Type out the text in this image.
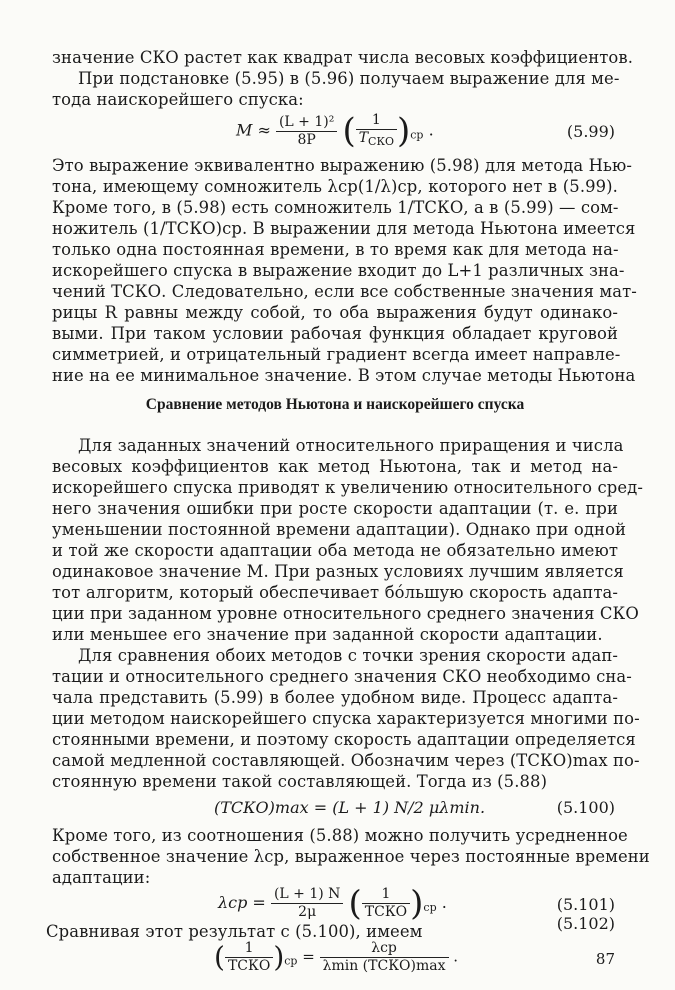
значение СКО растет как квадрат числа весовых коэффициентов.
При подстановке (5.95) в (5.96) получаем выражение для ме-
тода наискорейшего спуска:
$M \approx \frac{\text{(L + 1)²}}{8P}$ ( $\frac{1}{T_{СКО}} )_{ср}$ .	(5.99)
Это выражение эквивалентно выражению (5.98) для метода Нью-
тона, имеющему сомножитель λср(1/λ)ср, которого нет в (5.99).
Кроме того, в (5.98) есть сомножитель 1/TСКО, а в (5.99) — сом-
ножитель (1/TСКО)ср. В выражении для метода Ньютона имеется
только одна постоянная времени, в то время как для метода на-
искорейшего спуска в выражение входит до L+1 различных зна-
чений TСКО. Следовательно, если все собственные значения мат-
рицы R равны между собой, то оба выражения будут одинако-
выми. При таком условии рабочая функция обладает круговой
симметрией, и отрицательный градиент всегда имеет направле-
ние на ее минимальное значение. В этом случае методы Ньютона
Сравнение методов Ньютона и наискорейшего спуска
Для заданных значений относительного приращения и числа
весовых коэффициентов как метод Ньютона, так и метод на-
искорейшего спуска приводят к увеличению относительного сред-
него значения ошибки при росте скорости адаптации (т. е. при
уменьшении постоянной времени адаптации). Однако при одной
и той же скорости адаптации оба метода не обязательно имеют
одинаковое значение M. При разных условиях лучшим является
тот алгоритм, который обеспечивает бóльшую скорость адапта-
ции при заданном уровне относительного среднего значения СКО
или меньшее его значение при заданной скорости адаптации.
Для сравнения обоих методов с точки зрения скорости адап-
тации и относительного среднего значения СКО необходимо сна-
чала представить (5.99) в более удобном виде. Процесс адапта-
ции методом наискорейшего спуска характеризуется многими по-
стоянными времени, и поэтому скорость адаптации определяется
самой медленной составляющей. Обозначим через (TСКО)max по-
стоянную времени такой составляющей. Тогда из (5.88)
(TСКО)max = (L + 1) N/2 μλmin.	(5.100)
Кроме того, из соотношения (5.88) можно получить усредненное
собственное значение λср, выраженное через постоянные времени
адаптации:
$\lambda ср = \frac{(L + 1) N}{2\mu}$ ( $\frac{1}{\text{TСКО}} )_{ср}$ .	(5.101)
Сравнивая этот результат с (5.100), имеем
( $\frac{1}{\text{TСКО}} )_{ср} = \frac{\text{λср}}{\text{λmin (TСКО)max}}$ .
(5.102)
87
